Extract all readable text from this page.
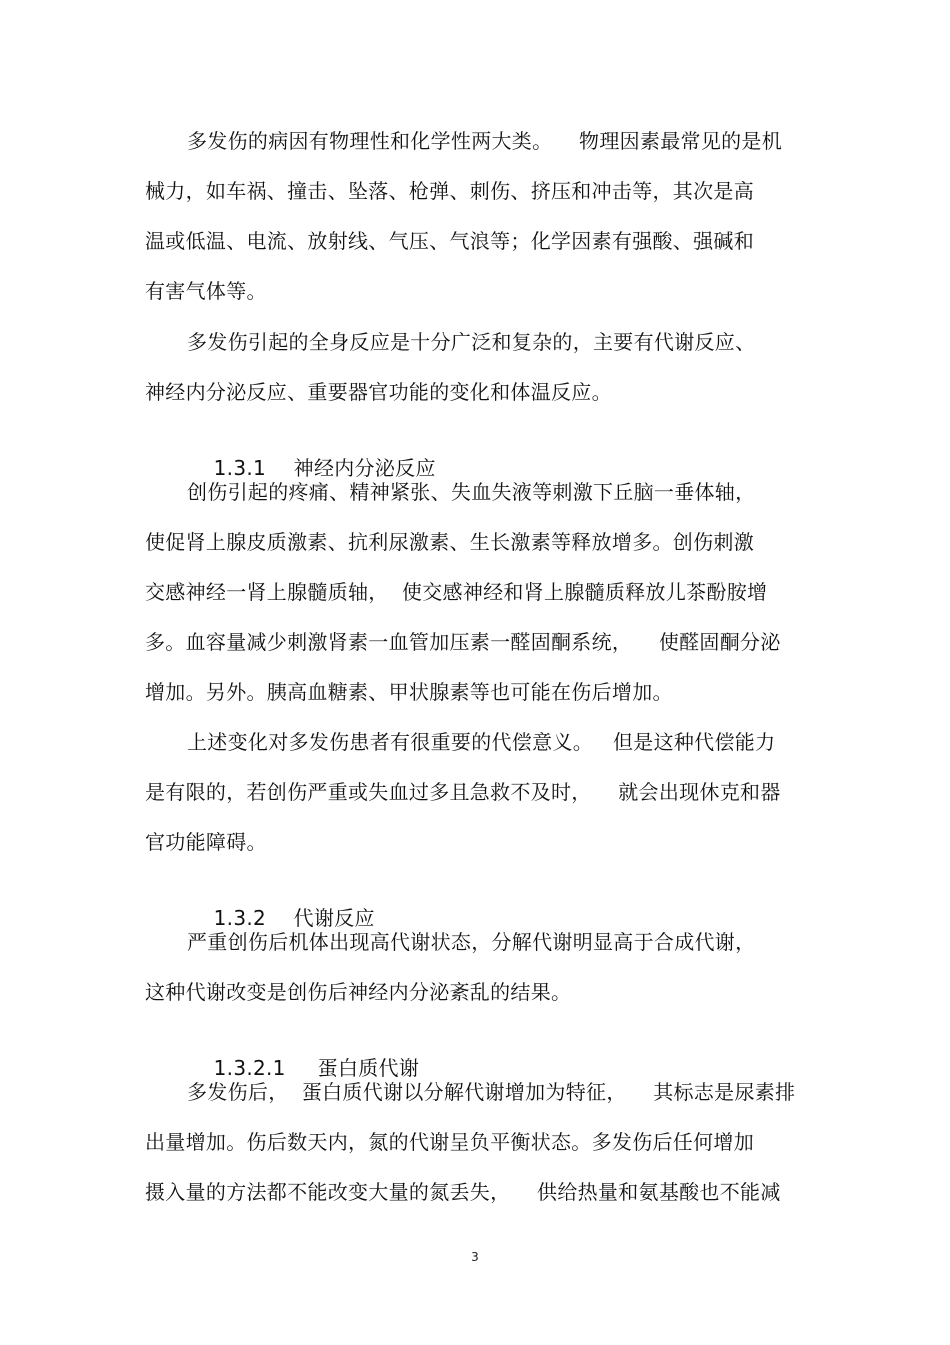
多发伤的病因有物理性和化学性两大类。    物理因素最常见的是机
械力，如车祸、撞击、坠落、枪弹、刺伤、挤压和冲击等，其次是高
温或低温、电流、放射线、气压、气浪等；化学因素有强酸、强碱和
有害气体等。
多发伤引起的全身反应是十分广泛和复杂的，主要有代谢反应、
神经内分泌反应、重要器官功能的变化和体温反应。

1.3.1 神经内分泌反应

创伤引起的疼痛、精神紧张、失血失液等刺激下丘脑一垂体轴，
使促肾上腺皮质激素、抗利尿激素、生长激素等释放增多。创伤刺激
交感神经一肾上腺髓质轴，  使交感神经和肾上腺髓质释放儿茶酚胺增
多。血容量减少刺激肾素一血管加压素一醛固酮系统，    使醛固酮分泌
增加。另外。胰高血糖素、甲状腺素等也可能在伤后增加。
上述变化对多发伤患者有很重要的代偿意义。   但是这种代偿能力
是有限的，若创伤严重或失血过多且急救不及时，    就会出现休克和器
官功能障碍。

1.3.2 代谢反应

严重创伤后机体出现高代谢状态，分解代谢明显高于合成代谢，
这种代谢改变是创伤后神经内分泌紊乱的结果。

1.3.2.1 蛋白质代谢

多发伤后，  蛋白质代谢以分解代谢增加为特征，    其标志是尿素排
出量增加。伤后数天内，氮的代谢呈负平衡状态。多发伤后任何增加
摄入量的方法都不能改变大量的氮丢失，    供给热量和氨基酸也不能减
3
